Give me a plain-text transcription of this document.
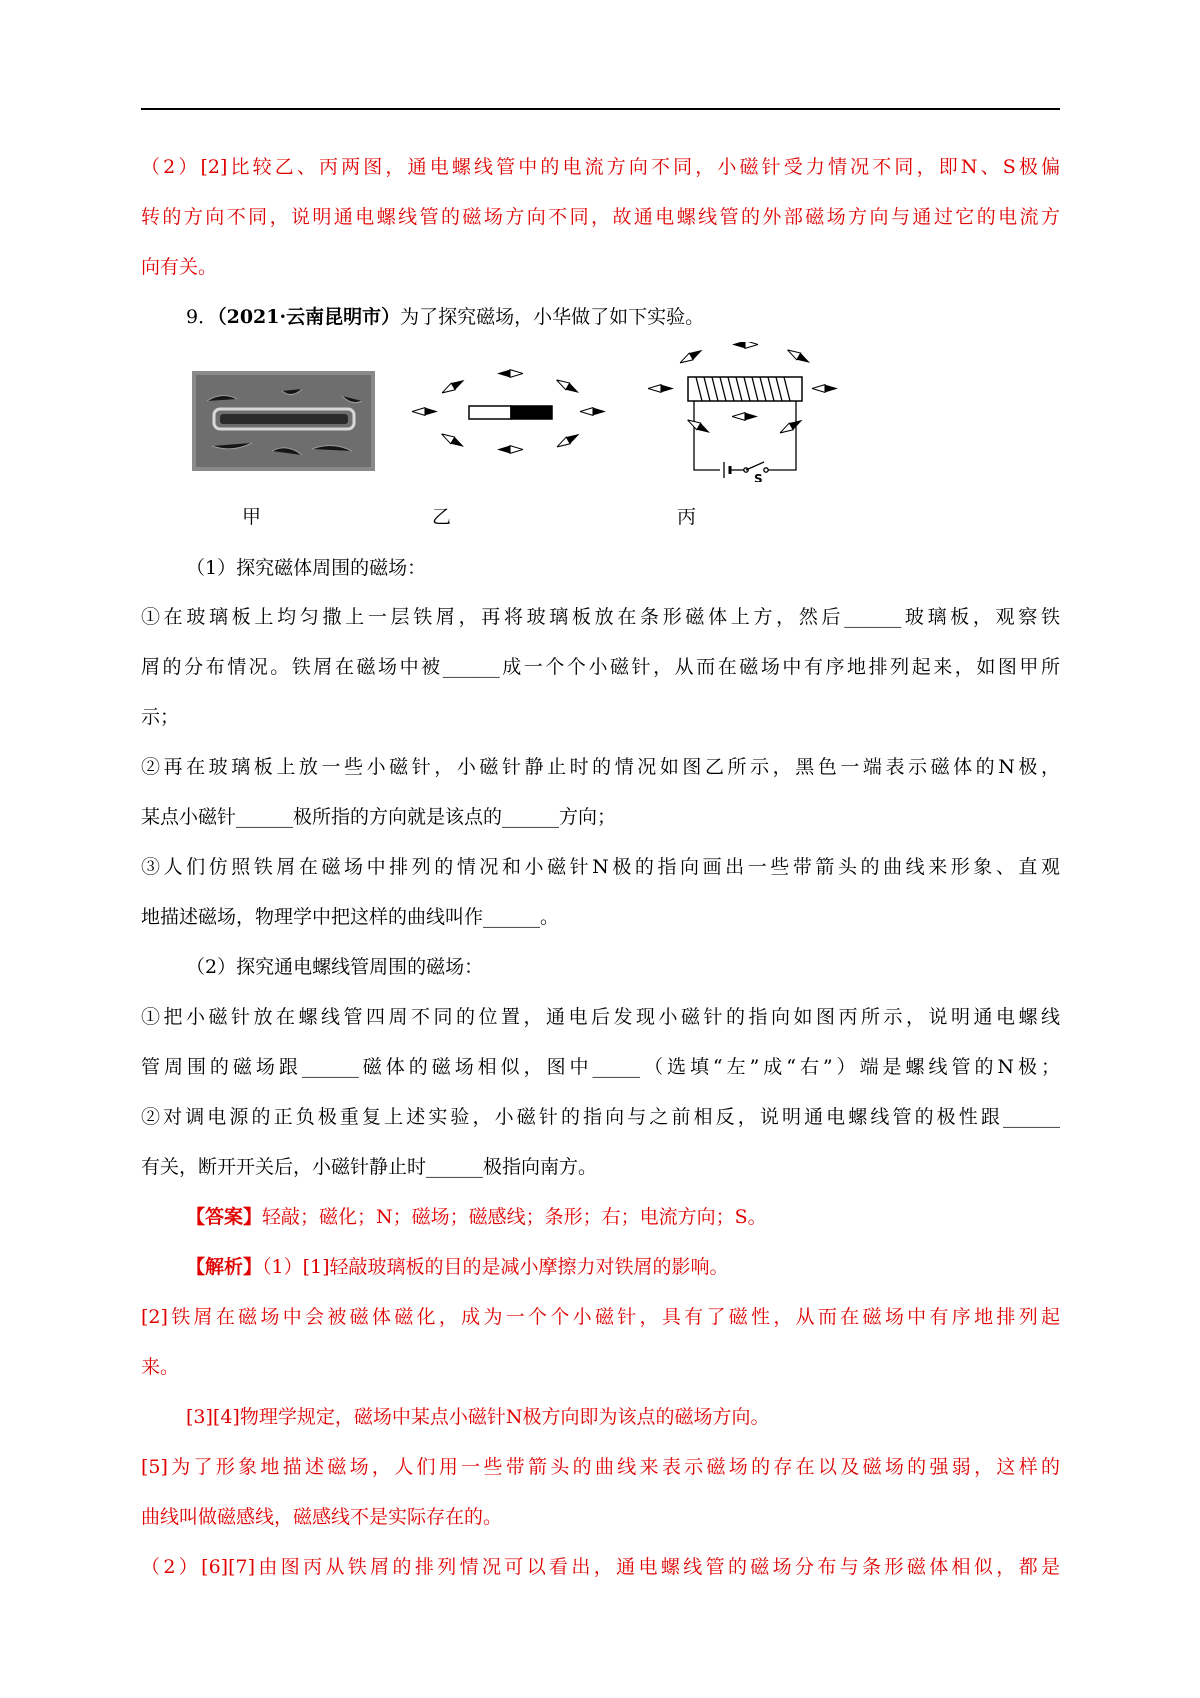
（2）[2]比较乙、丙两图，通电螺线管中的电流方向不同，小磁针受力情况不同，即N、S极偏

转的方向不同，说明通电螺线管的磁场方向不同，故通电螺线管的外部磁场方向与通过它的电流方

向有关。

9．（2021·云南昆明市）为了探究磁场，小华做了如下实验。

S
甲	乙	丙

（1）探究磁体周围的磁场：

①在玻璃板上均匀撒上一层铁屑，再将玻璃板放在条形磁体上方，然后______玻璃板，观察铁

屑的分布情况。铁屑在磁场中被______成一个个小磁针，从而在磁场中有序地排列起来，如图甲所

示；

②再在玻璃板上放一些小磁针，小磁针静止时的情况如图乙所示，黑色一端表示磁体的N极，

某点小磁针______极所指的方向就是该点的______方向；

③人们仿照铁屑在磁场中排列的情况和小磁针N极的指向画出一些带箭头的曲线来形象、直观

地描述磁场，物理学中把这样的曲线叫作______。

（2）探究通电螺线管周围的磁场：

①把小磁针放在螺线管四周不同的位置，通电后发现小磁针的指向如图丙所示，说明通电螺线

管周围的磁场跟______磁体的磁场相似，图中_____（选填“左”成“右”）端是螺线管的N极；

②对调电源的正负极重复上述实验，小磁针的指向与之前相反，说明通电螺线管的极性跟______

有关，断开开关后，小磁针静止时______极指向南方。

【答案】轻敲；磁化；N；磁场；磁感线；条形；右；电流方向；S。

【解析】（1）[1]轻敲玻璃板的目的是减小摩擦力对铁屑的影响。

[2]铁屑在磁场中会被磁体磁化，成为一个个小磁针，具有了磁性，从而在磁场中有序地排列起

来。

[3][4]物理学规定，磁场中某点小磁针N极方向即为该点的磁场方向。

[5]为了形象地描述磁场，人们用一些带箭头的曲线来表示磁场的存在以及磁场的强弱，这样的

曲线叫做磁感线，磁感线不是实际存在的。

（2）[6][7]由图丙从铁屑的排列情况可以看出，通电螺线管的磁场分布与条形磁体相似，都是
